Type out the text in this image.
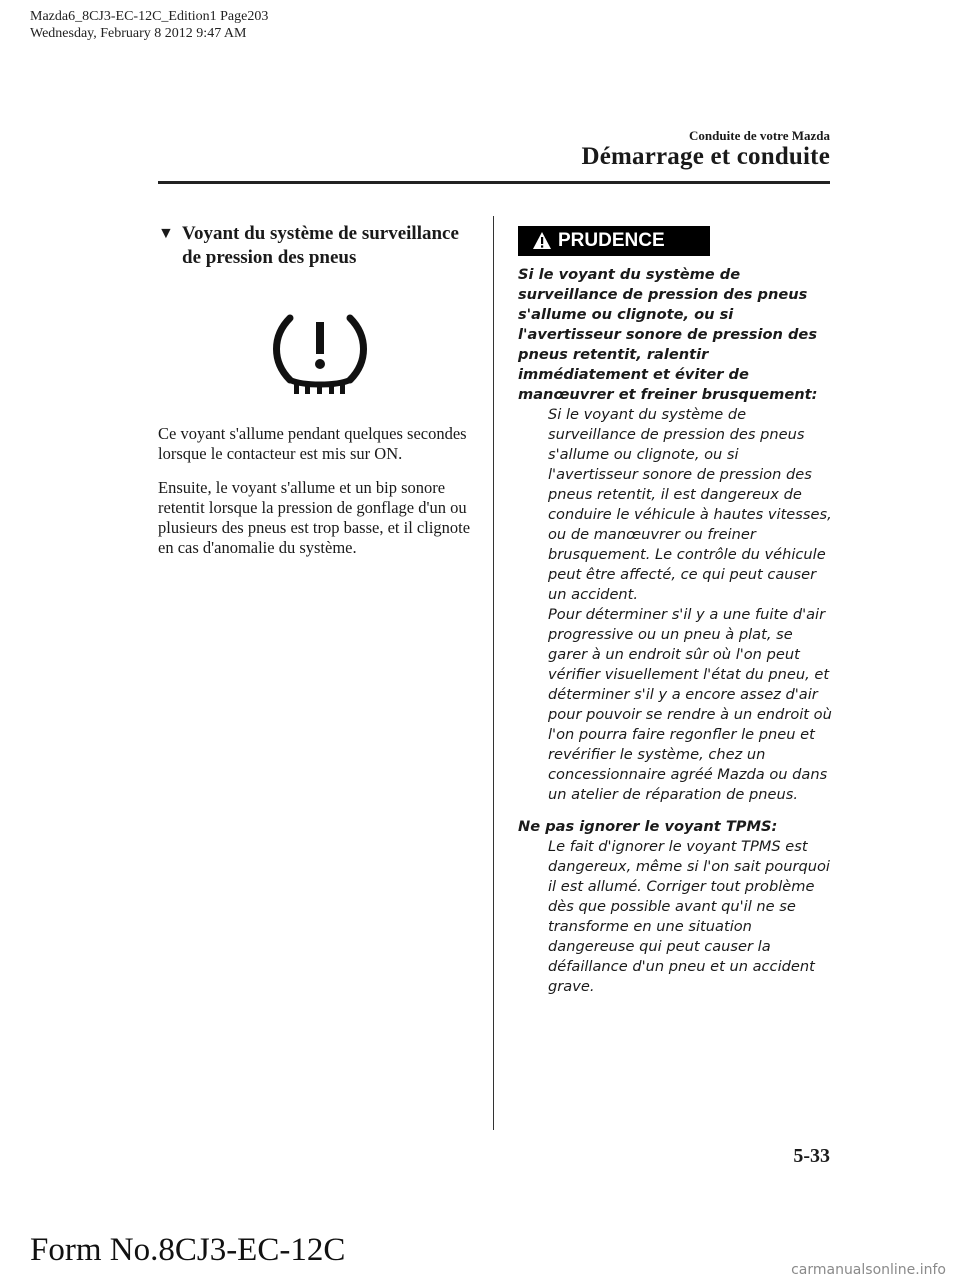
Mazda6_8CJ3-EC-12C_Edition1 Page203
Wednesday, February 8 2012 9:47 AM
Conduite de votre Mazda
Démarrage et conduite
▼ Voyant du système de surveillance de pression des pneus

Ce voyant s'allume pendant quelques secondes lorsque le contacteur est mis sur ON.

Ensuite, le voyant s'allume et un bip sonore retentit lorsque la pression de gonflage d'un ou plusieurs des pneus est trop basse, et il clignote en cas d'anomalie du système.

PRUDENCE
Si le voyant du système de surveillance de pression des pneus s'allume ou clignote, ou si l'avertisseur sonore de pression des pneus retentit, ralentir immédiatement et éviter de manœuvrer et freiner brusquement:
Si le voyant du système de surveillance de pression des pneus s'allume ou clignote, ou si l'avertisseur sonore de pression des pneus retentit, il est dangereux de conduire le véhicule à hautes vitesses, ou de manœuvrer ou freiner brusquement. Le contrôle du véhicule peut être affecté, ce qui peut causer un accident.
Pour déterminer s'il y a une fuite d'air progressive ou un pneu à plat, se garer à un endroit sûr où l'on peut vérifier visuellement l'état du pneu, et déterminer s'il y a encore assez d'air pour pouvoir se rendre à un endroit où l'on pourra faire regonfler le pneu et revérifier le système, chez un concessionnaire agréé Mazda ou dans un atelier de réparation de pneus.
Ne pas ignorer le voyant TPMS:
Le fait d'ignorer le voyant TPMS est dangereux, même si l'on sait pourquoi il est allumé. Corriger tout problème dès que possible avant qu'il ne se transforme en une situation dangereuse qui peut causer la défaillance d'un pneu et un accident grave.
5-33
Form No.8CJ3-EC-12C
carmanualsonline.info
